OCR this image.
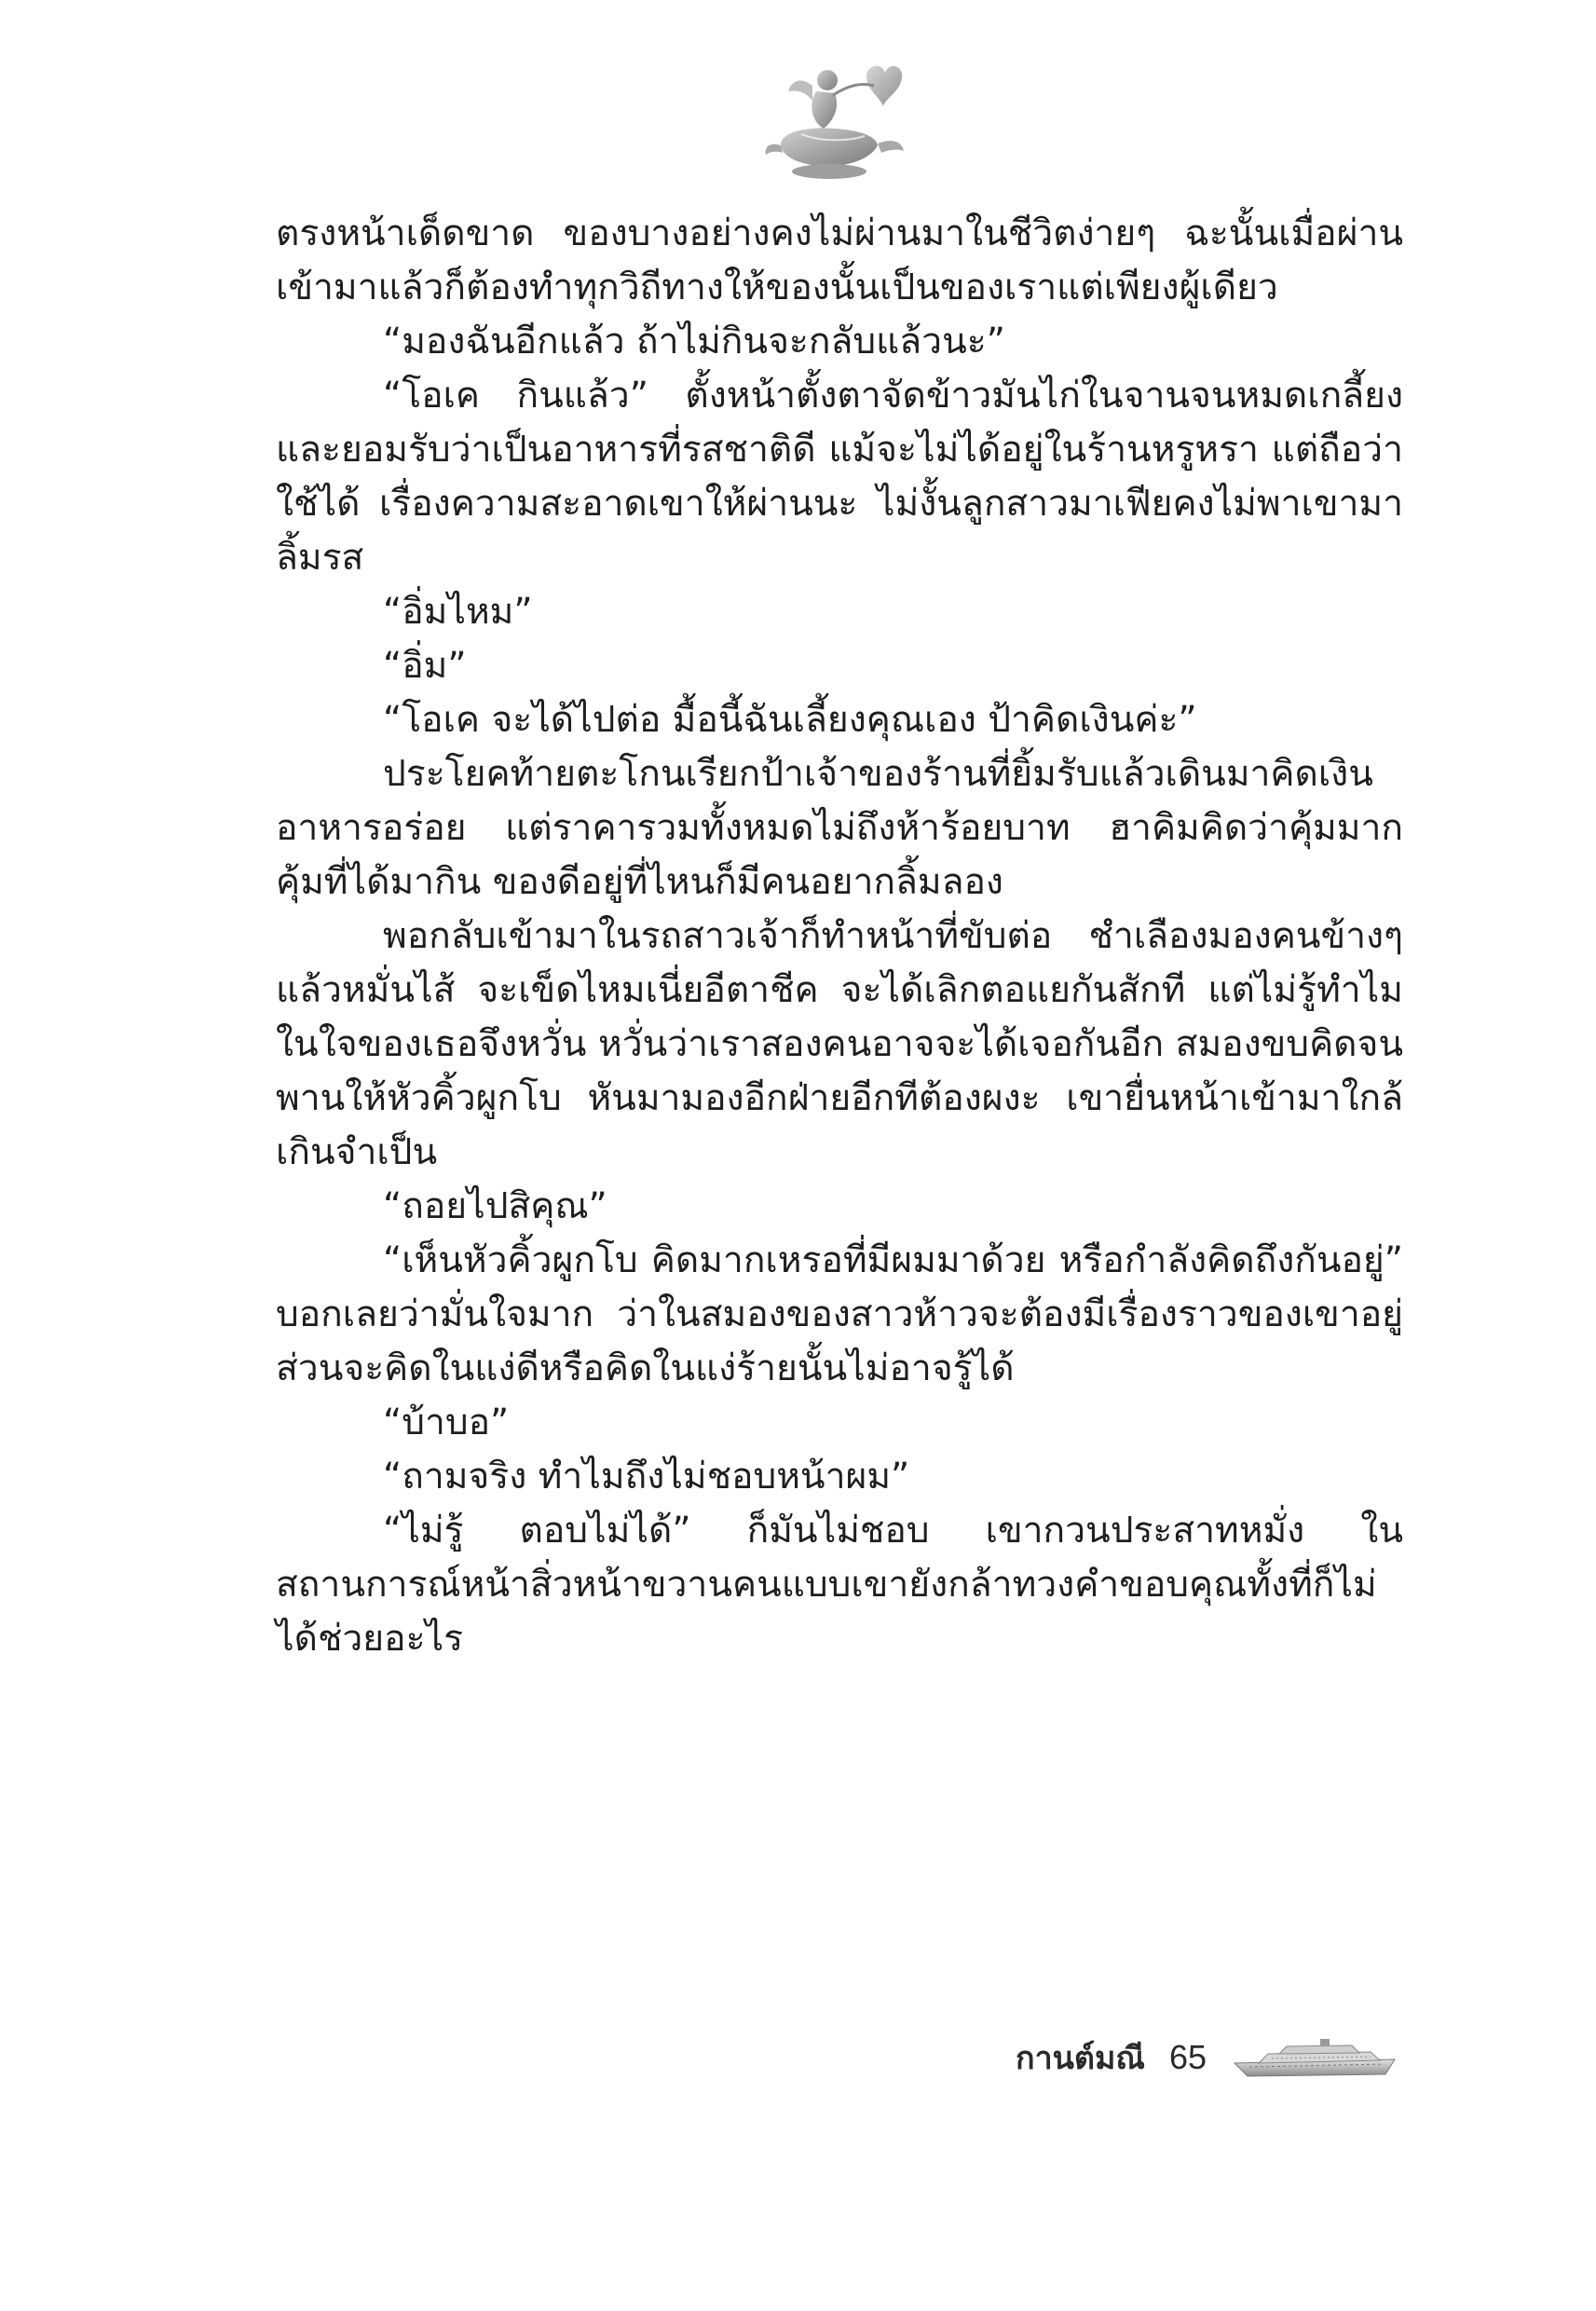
ตรงหน้าเด็ดขาด ของบางอย่างคงไม่ผ่านมาในชีวิตง่ายๆ ฉะนั้นเมื่อผ่านเข้ามาแล้วก็ต้องทำทุกวิถีทางให้ของนั้นเป็นของเราแต่เพียงผู้เดียว

“มองฉันอีกแล้ว ถ้าไม่กินจะกลับแล้วนะ”

“โอเค กินแล้ว” ตั้งหน้าตั้งตาจัดข้าวมันไก่ในจานจนหมดเกลี้ยง และยอมรับว่าเป็นอาหารที่รสชาติดี แม้จะไม่ได้อยู่ในร้านหรูหรา แต่ถือว่าใช้ได้ เรื่องความสะอาดเขาให้ผ่านนะ ไม่งั้นลูกสาวมาเฟียคงไม่พาเขามาลิ้มรส

“อิ่มไหม”

“อิ่ม”

“โอเค จะได้ไปต่อ มื้อนี้ฉันเลี้ยงคุณเอง ป้าคิดเงินค่ะ”

ประโยคท้ายตะโกนเรียกป้าเจ้าของร้านที่ยิ้มรับแล้วเดินมาคิดเงิน อาหารอร่อย แต่ราคารวมทั้งหมดไม่ถึงห้าร้อยบาท ฮาคิมคิดว่าคุ้มมาก คุ้มที่ได้มากิน ของดีอยู่ที่ไหนก็มีคนอยากลิ้มลอง

พอกลับเข้ามาในรถสาวเจ้าก็ทำหน้าที่ขับต่อ ชำเลืองมองคนข้างๆ แล้วหมั่นไส้ จะเข็ดไหมเนี่ยอีตาชีค จะได้เลิกตอแยกันสักที แต่ไม่รู้ทำไมในใจของเธอจึงหวั่น หวั่นว่าเราสองคนอาจจะได้เจอกันอีก สมองขบคิดจนพานให้หัวคิ้วผูกโบ หันมามองอีกฝ่ายอีกทีต้องผงะ เขายื่นหน้าเข้ามาใกล้เกินจำเป็น

“ถอยไปสิคุณ”

“เห็นหัวคิ้วผูกโบ คิดมากเหรอที่มีผมมาด้วย หรือกำลังคิดถึงกันอยู่” บอกเลยว่ามั่นใจมาก ว่าในสมองของสาวห้าวจะต้องมีเรื่องราวของเขาอยู่ ส่วนจะคิดในแง่ดีหรือคิดในแง่ร้ายนั้นไม่อาจรู้ได้

“บ้าบอ”

“ถามจริง ทำไมถึงไม่ชอบหน้าผม”

“ไม่รู้ ตอบไม่ได้” ก็มันไม่ชอบ เขากวนประสาทหมั่ง ในสถานการณ์หน้าสิ่วหน้าขวานคนแบบเขายังกล้าทวงคำขอบคุณทั้งที่ก็ไม่ได้ช่วยอะไร

กานต์มณี 65
